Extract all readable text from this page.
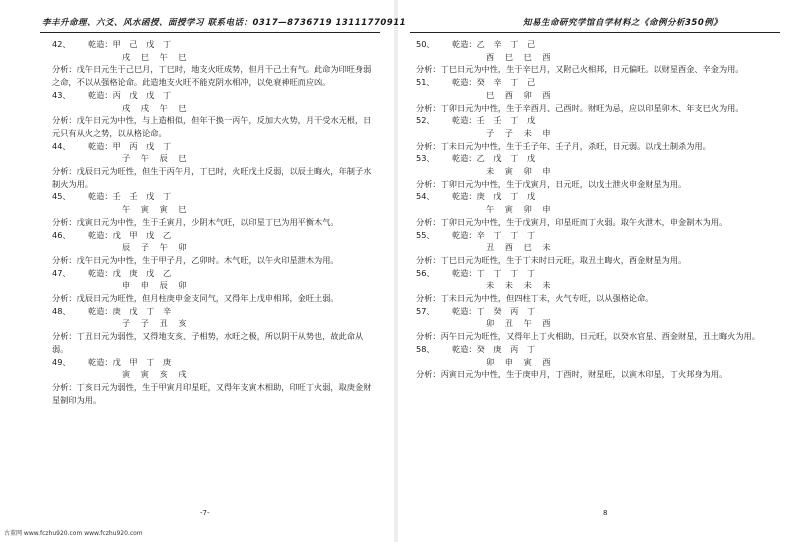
李丰升命理、六爻、风水函授、面授学习 联系电话：0317—8736719 13111770911
42、 乾造：甲 己 戊 丁
戌 巳 午 巳
分析：戊午日元生于己巳月，丁巳时，地支火旺成势，但月干己土有气。此命为印旺身弱之命，不以从强格论命。此造地支火旺不能克阴水相冲，以免衰神旺而应凶。
43、 乾造：丙 戊 戊 丁
戌 戌 午 巳
分析：戊午日元为中性，与上造相似，但年干换一丙午，反加大火势，月干受水无根，日元只有从火之势，以从格论命。
44、 乾造：甲 丙 戊 丁
子 午 辰 巳
分析：戊辰日元为旺性，但生于丙午月，丁巳时，火旺戊土反弱，以辰土晦火，年制子水制火为用。
45、 乾造：壬 壬 戊 丁
午 寅 寅 巳
分析：戊寅日元为中性，生于壬寅月，少阴木气旺，以印星丁巳为用平衡木气。
46、 乾造：戊 甲 戊 乙
辰 子 午 卯
分析：戊午日元为中性，生于甲子月，乙卯时。木气旺，以午火印星泄木为用。
47、 乾造：戊 庚 戊 乙
申 申 辰 卯
分析：戊辰日元为旺性，但月柱庚申金支同气，又得年上戊申相邦，金旺土弱。
48、 乾造：庚 戊 丁 辛
子 子 丑 亥
分析：丁丑日元为弱性，又得地支亥、子相势，水旺之极，所以阴干从势也，故此命从弱。
49、 乾造：戊 甲 丁 庚
寅 寅 亥 戌
分析：丁亥日元为弱性，生于甲寅月印星旺，又得年支寅木相助，印旺丁火弱，取庚金财星制印为用。
-7-
知易生命研究学馆自学材料之《命例分析350例》
50、 乾造：乙 辛 丁 己
酉 巳 巳 酉
分析：丁巳日元为中性，生于辛巳月，又附己火相邦，日元偏旺。以财星酉金、辛金为用。
51、 乾造：癸 辛 丁 己
巳 酉 卯 酉
分析：丁卯日元为中性，生于辛酉月、己酉时。财旺为忌，应以印星卯木、年支巳火为用。
52、 乾造：壬 壬 丁 戊
子 子 未 申
分析：丁未日元为中性，生于壬子年、壬子月，杀旺，日元弱。以戊土制杀为用。
53、 乾造：乙 戊 丁 戊
未 寅 卯 申
分析：丁卯日元为中性，生于戊寅月，日元旺，以戊土泄火申金财星为用。
54、 乾造：庚 戊 丁 戊
午 寅 卯 申
分析：丁卯日元为中性，生于戊寅月，印星旺而丁火弱。取午火泄木，申金制木为用。
55、 乾造：辛 丁 丁 丁
丑 酉 巳 未
分析：丁巳日元为旺性，生于丁未时日元旺，取丑土晦火，酉金财星为用。
56、 乾造：丁 丁 丁 丁
未 未 未 未
分析：丁未日元为中性，但四柱丁未，火气专旺，以从强格论命。
57、 乾造：丁 癸 丙 丁
卯 丑 午 酉
分析：丙午日元为旺性，又得年上丁火相助，日元旺，以癸水官星、酉金财星，丑土晦火为用。
58、 乾造：癸 庚 丙 丁
卯 申 寅 酉
分析：丙寅日元为中性，生于庚申月，丁酉时，财星旺，以寅木印星，丁火邦身为用。
8
古董网 www.fczhu920.com www.fczhu920.com
